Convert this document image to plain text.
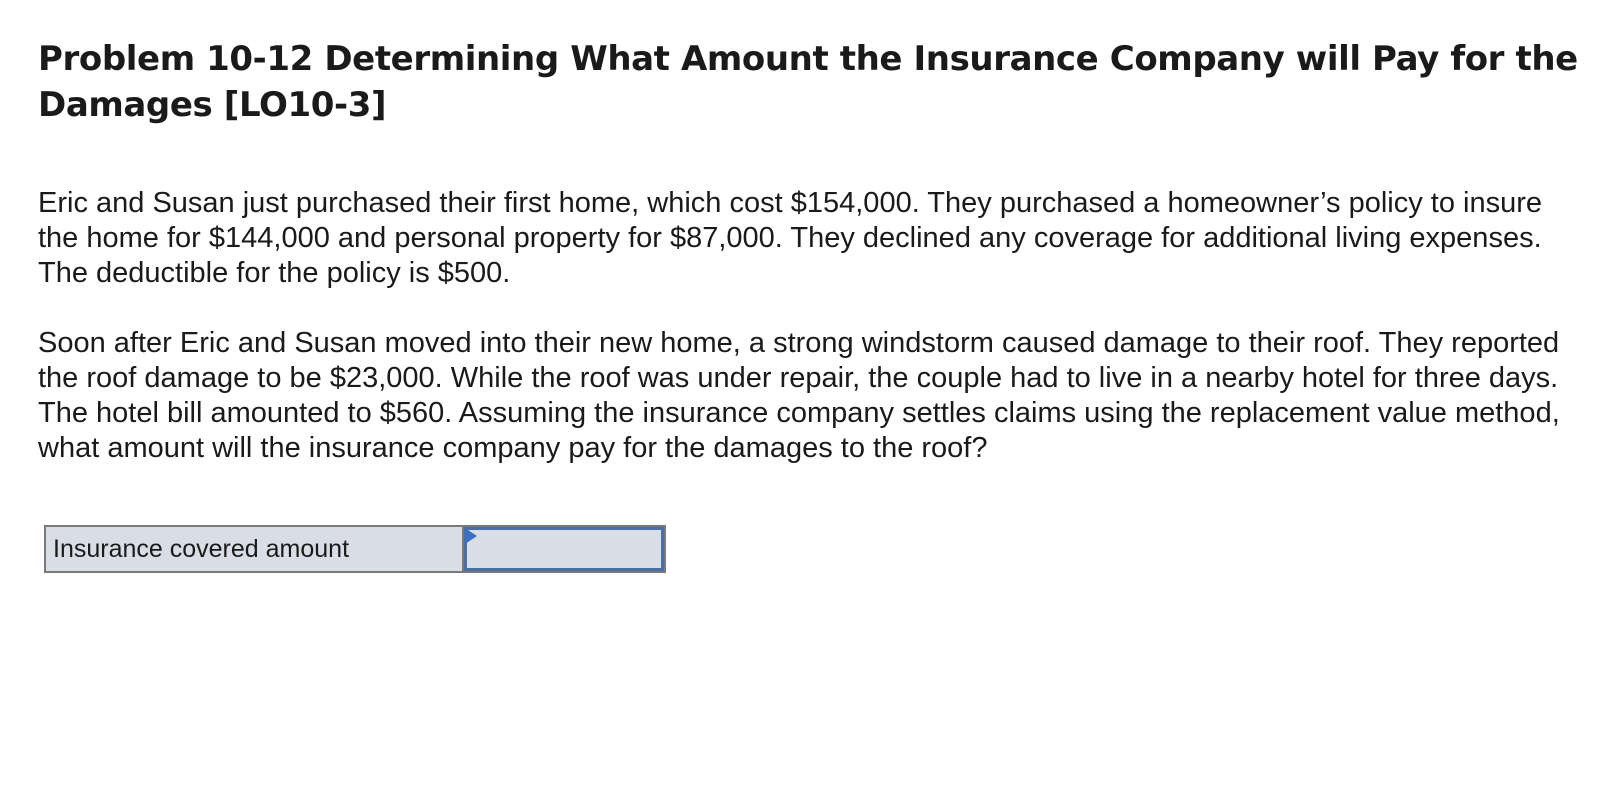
Problem 10-12 Determining What Amount the Insurance Company will Pay for the Damages [LO10-3]

Eric and Susan just purchased their first home, which cost $154,000. They purchased a homeowner’s policy to insure the home for $144,000 and personal property for $87,000. They declined any coverage for additional living expenses. The deductible for the policy is $500.

Soon after Eric and Susan moved into their new home, a strong windstorm caused damage to their roof. They reported the roof damage to be $23,000. While the roof was under repair, the couple had to live in a nearby hotel for three days. The hotel bill amounted to $560. Assuming the insurance company settles claims using the replacement value method, what amount will the insurance company pay for the damages to the roof?

Insurance covered amount
